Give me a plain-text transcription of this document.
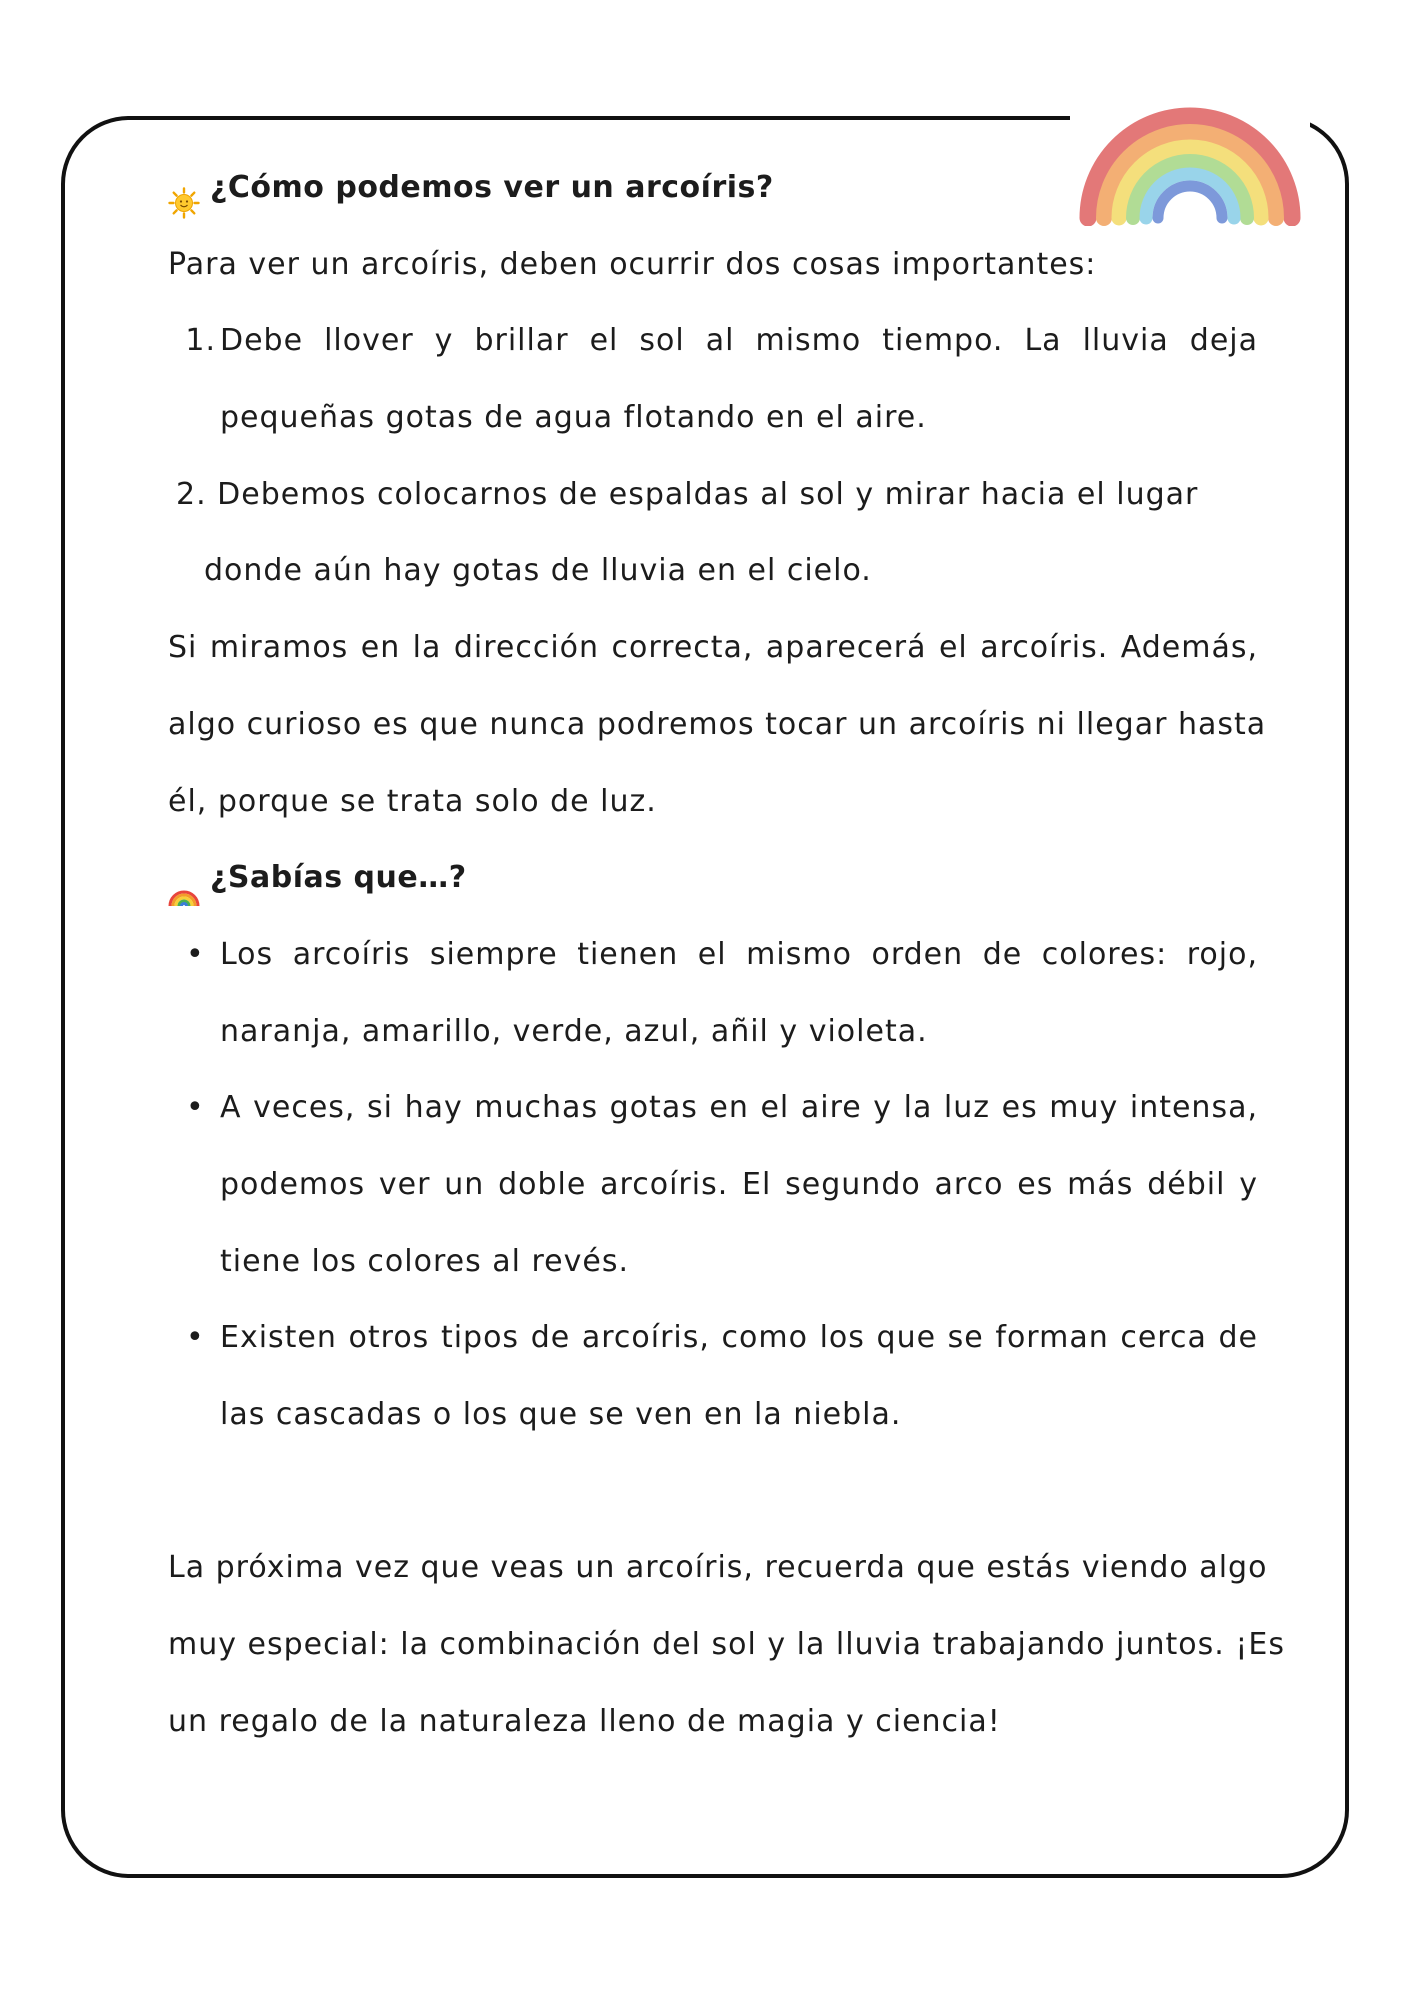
¿Cómo podemos ver un arcoíris?
Para ver un arcoíris, deben ocurrir dos cosas importantes:
1. Debe llover y brillar el sol al mismo tiempo. La lluvia deja
pequeñas gotas de agua flotando en el aire.
2. Debemos colocarnos de espaldas al sol y mirar hacia el lugar
donde aún hay gotas de lluvia en el cielo.
Si miramos en la dirección correcta, aparecerá el arcoíris. Además,
algo curioso es que nunca podremos tocar un arcoíris ni llegar hasta
él, porque se trata solo de luz.
¿Sabías que…?
• Los arcoíris siempre tienen el mismo orden de colores: rojo,
naranja, amarillo, verde, azul, añil y violeta.
• A veces, si hay muchas gotas en el aire y la luz es muy intensa,
podemos ver un doble arcoíris. El segundo arco es más débil y
tiene los colores al revés.
• Existen otros tipos de arcoíris, como los que se forman cerca de
las cascadas o los que se ven en la niebla.
La próxima vez que veas un arcoíris, recuerda que estás viendo algo
muy especial: la combinación del sol y la lluvia trabajando juntos. ¡Es
un regalo de la naturaleza lleno de magia y ciencia!
